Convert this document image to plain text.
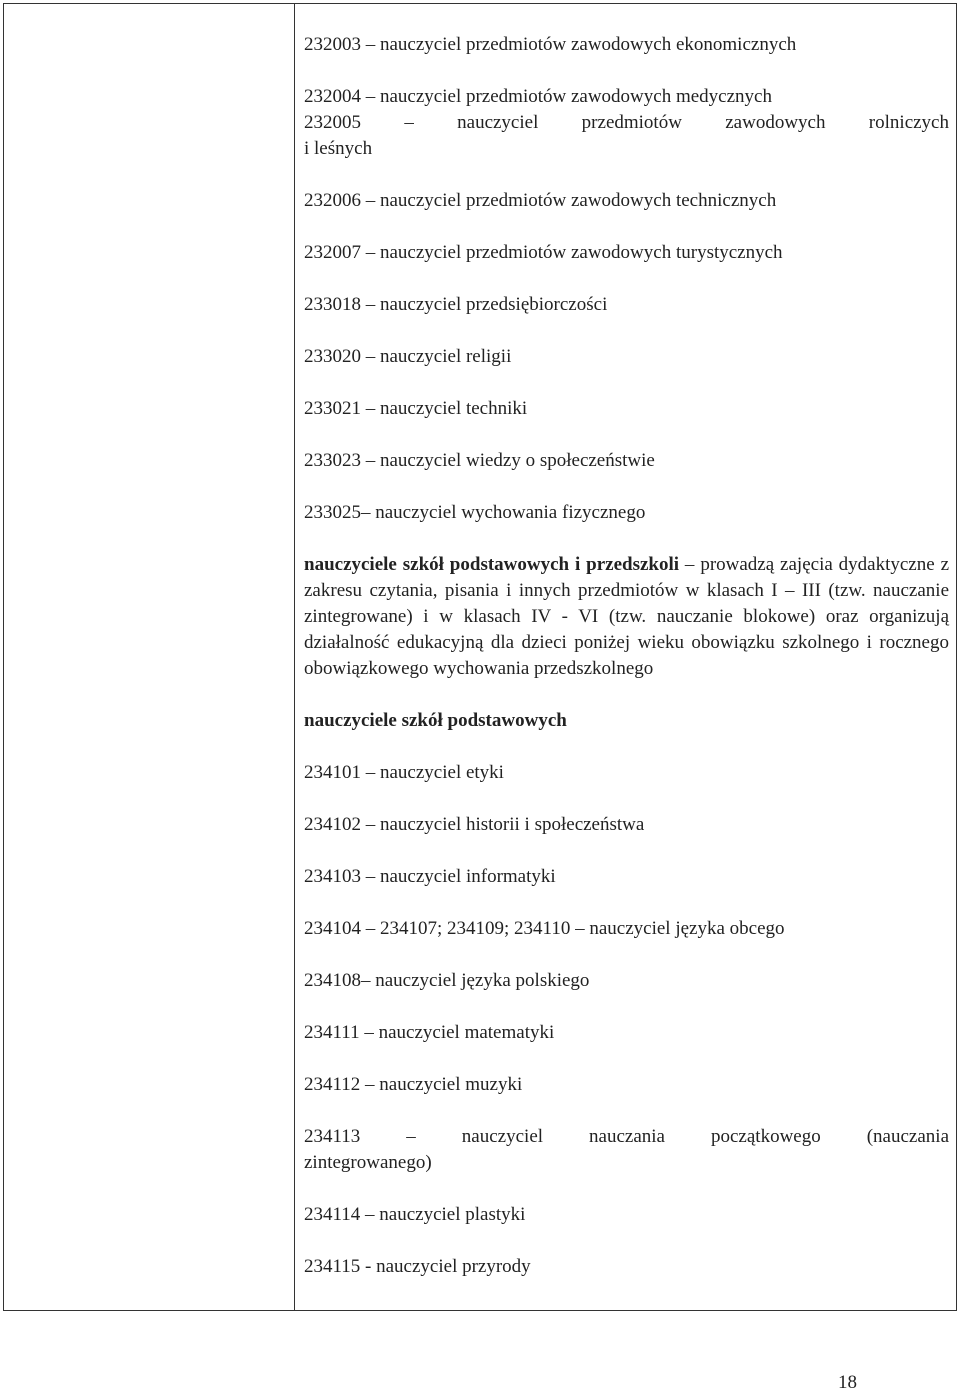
232003 – nauczyciel przedmiotów zawodowych ekonomicznych
232004 – nauczyciel przedmiotów zawodowych medycznych
232005 – nauczyciel przedmiotów zawodowych rolniczych
i leśnych
232006 – nauczyciel przedmiotów zawodowych technicznych
232007 – nauczyciel przedmiotów zawodowych turystycznych
233018 – nauczyciel przedsiębiorczości
233020 – nauczyciel religii
233021 – nauczyciel techniki
233023 – nauczyciel wiedzy o społeczeństwie
233025– nauczyciel wychowania fizycznego
nauczyciele szkół podstawowych i przedszkoli – prowadzą zajęcia dydaktyczne z zakresu czytania, pisania i innych przedmiotów w klasach I – III (tzw. nauczanie zintegrowane) i w klasach IV - VI (tzw. nauczanie blokowe) oraz organizują działalność edukacyjną dla dzieci poniżej wieku obowiązku szkolnego i rocznego obowiązkowego wychowania przedszkolnego
nauczyciele szkół podstawowych
234101 – nauczyciel etyki
234102 – nauczyciel historii i społeczeństwa
234103 – nauczyciel informatyki
234104 – 234107; 234109; 234110 – nauczyciel języka obcego
234108– nauczyciel języka polskiego
234111 – nauczyciel matematyki
234112 – nauczyciel muzyki
234113 – nauczyciel nauczania początkowego (nauczania
zintegrowanego)
234114 – nauczyciel plastyki
234115 - nauczyciel przyrody
18
